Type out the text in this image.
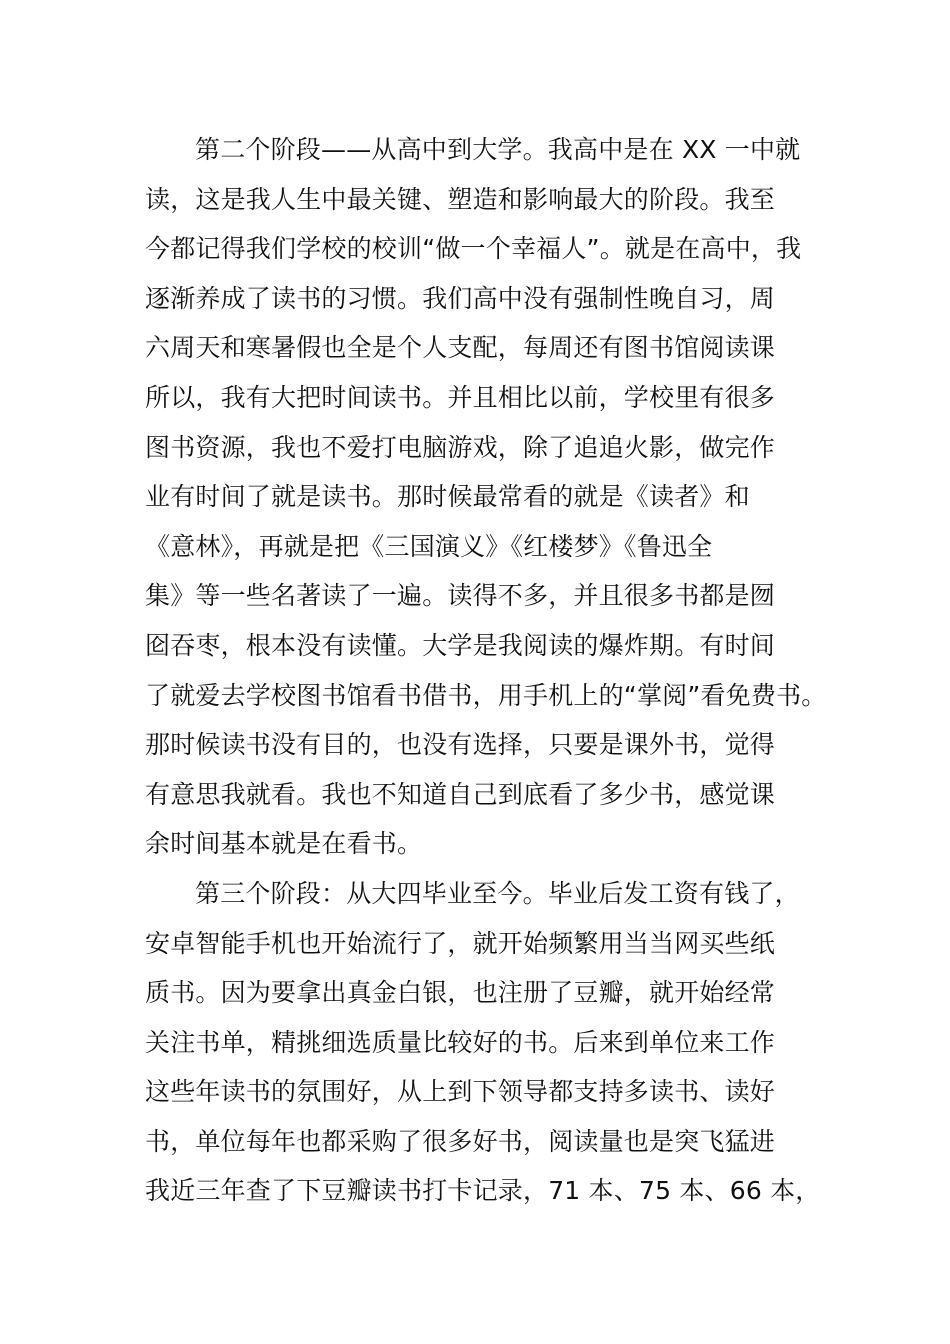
第二个阶段——从高中到大学。我高中是在 XX 一中就
读，这是我人生中最关键、塑造和影响最大的阶段。我至
今都记得我们学校的校训“做一个幸福人”。就是在高中，我
逐渐养成了读书的习惯。我们高中没有强制性晚自习，周
六周天和寒暑假也全是个人支配，每周还有图书馆阅读课
所以，我有大把时间读书。并且相比以前，学校里有很多
图书资源，我也不爱打电脑游戏，除了追追火影，做完作
业有时间了就是读书。那时候最常看的就是《读者》和
《意林》，再就是把《三国演义》《红楼梦》《鲁迅全
集》等一些名著读了一遍。读得不多，并且很多书都是囫
囵吞枣，根本没有读懂。大学是我阅读的爆炸期。有时间
了就爱去学校图书馆看书借书，用手机上的“掌阅”看免费书。
那时候读书没有目的，也没有选择，只要是课外书，觉得
有意思我就看。我也不知道自己到底看了多少书，感觉课
余时间基本就是在看书。
第三个阶段：从大四毕业至今。毕业后发工资有钱了，
安卓智能手机也开始流行了，就开始频繁用当当网买些纸
质书。因为要拿出真金白银，也注册了豆瓣，就开始经常
关注书单，精挑细选质量比较好的书。后来到单位来工作
这些年读书的氛围好，从上到下领导都支持多读书、读好
书，单位每年也都采购了很多好书，阅读量也是突飞猛进
我近三年查了下豆瓣读书打卡记录，71 本、75 本、66 本，
